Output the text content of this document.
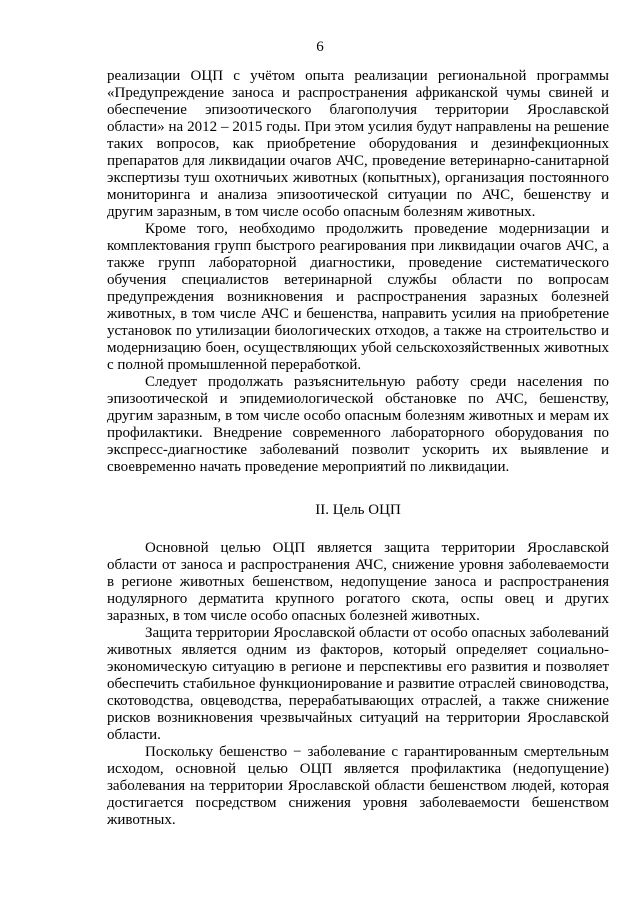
6

реализации ОЦП с учётом опыта реализации региональной программы «Предупреждение заноса и распространения африканской чумы свиней и обеспечение эпизоотического благополучия территории Ярославской области» на 2012 – 2015 годы. При этом усилия будут направлены на решение таких вопросов, как приобретение оборудования и дезинфекционных препаратов для ликвидации очагов АЧС, проведение ветеринарно-санитарной экспертизы туш охотничьих животных (копытных), организация постоянного мониторинга и анализа эпизоотической ситуации по АЧС, бешенству и другим заразным, в том числе особо опасным болезням животных.

Кроме того, необходимо продолжить проведение модернизации и комплектования групп быстрого реагирования при ликвидации очагов АЧС, а также групп лабораторной диагностики, проведение систематического обучения специалистов ветеринарной службы области по вопросам предупреждения возникновения и распространения заразных болезней животных, в том числе АЧС и бешенства, направить усилия на приобретение установок по утилизации биологических отходов, а также на строительство и модернизацию боен, осуществляющих убой сельскохозяйственных животных с полной промышленной переработкой.

Следует продолжать разъяснительную работу среди населения по эпизоотической и эпидемиологической обстановке по АЧС, бешенству, другим заразным, в том числе особо опасным болезням животных и мерам их профилактики. Внедрение современного лабораторного оборудования по экспресс-диагностике заболеваний позволит ускорить их выявление и своевременно начать проведение мероприятий по ликвидации.

II. Цель ОЦП

Основной целью ОЦП является защита территории Ярославской области от заноса и распространения АЧС, снижение уровня заболеваемости в регионе животных бешенством, недопущение заноса и распространения нодулярного дерматита крупного рогатого скота, оспы овец и других заразных, в том числе особо опасных болезней животных.

Защита территории Ярославской области от особо опасных заболеваний животных является одним из факторов, который определяет социально-экономическую ситуацию в регионе и перспективы его развития и позволяет обеспечить стабильное функционирование и развитие отраслей свиноводства, скотоводства, овцеводства, перерабатывающих отраслей, а также снижение рисков возникновения чрезвычайных ситуаций на территории Ярославской области.

Поскольку бешенство − заболевание с гарантированным смертельным исходом, основной целью ОЦП является профилактика (недопущение) заболевания на территории Ярославской области бешенством людей, которая достигается посредством снижения уровня заболеваемости бешенством животных.
